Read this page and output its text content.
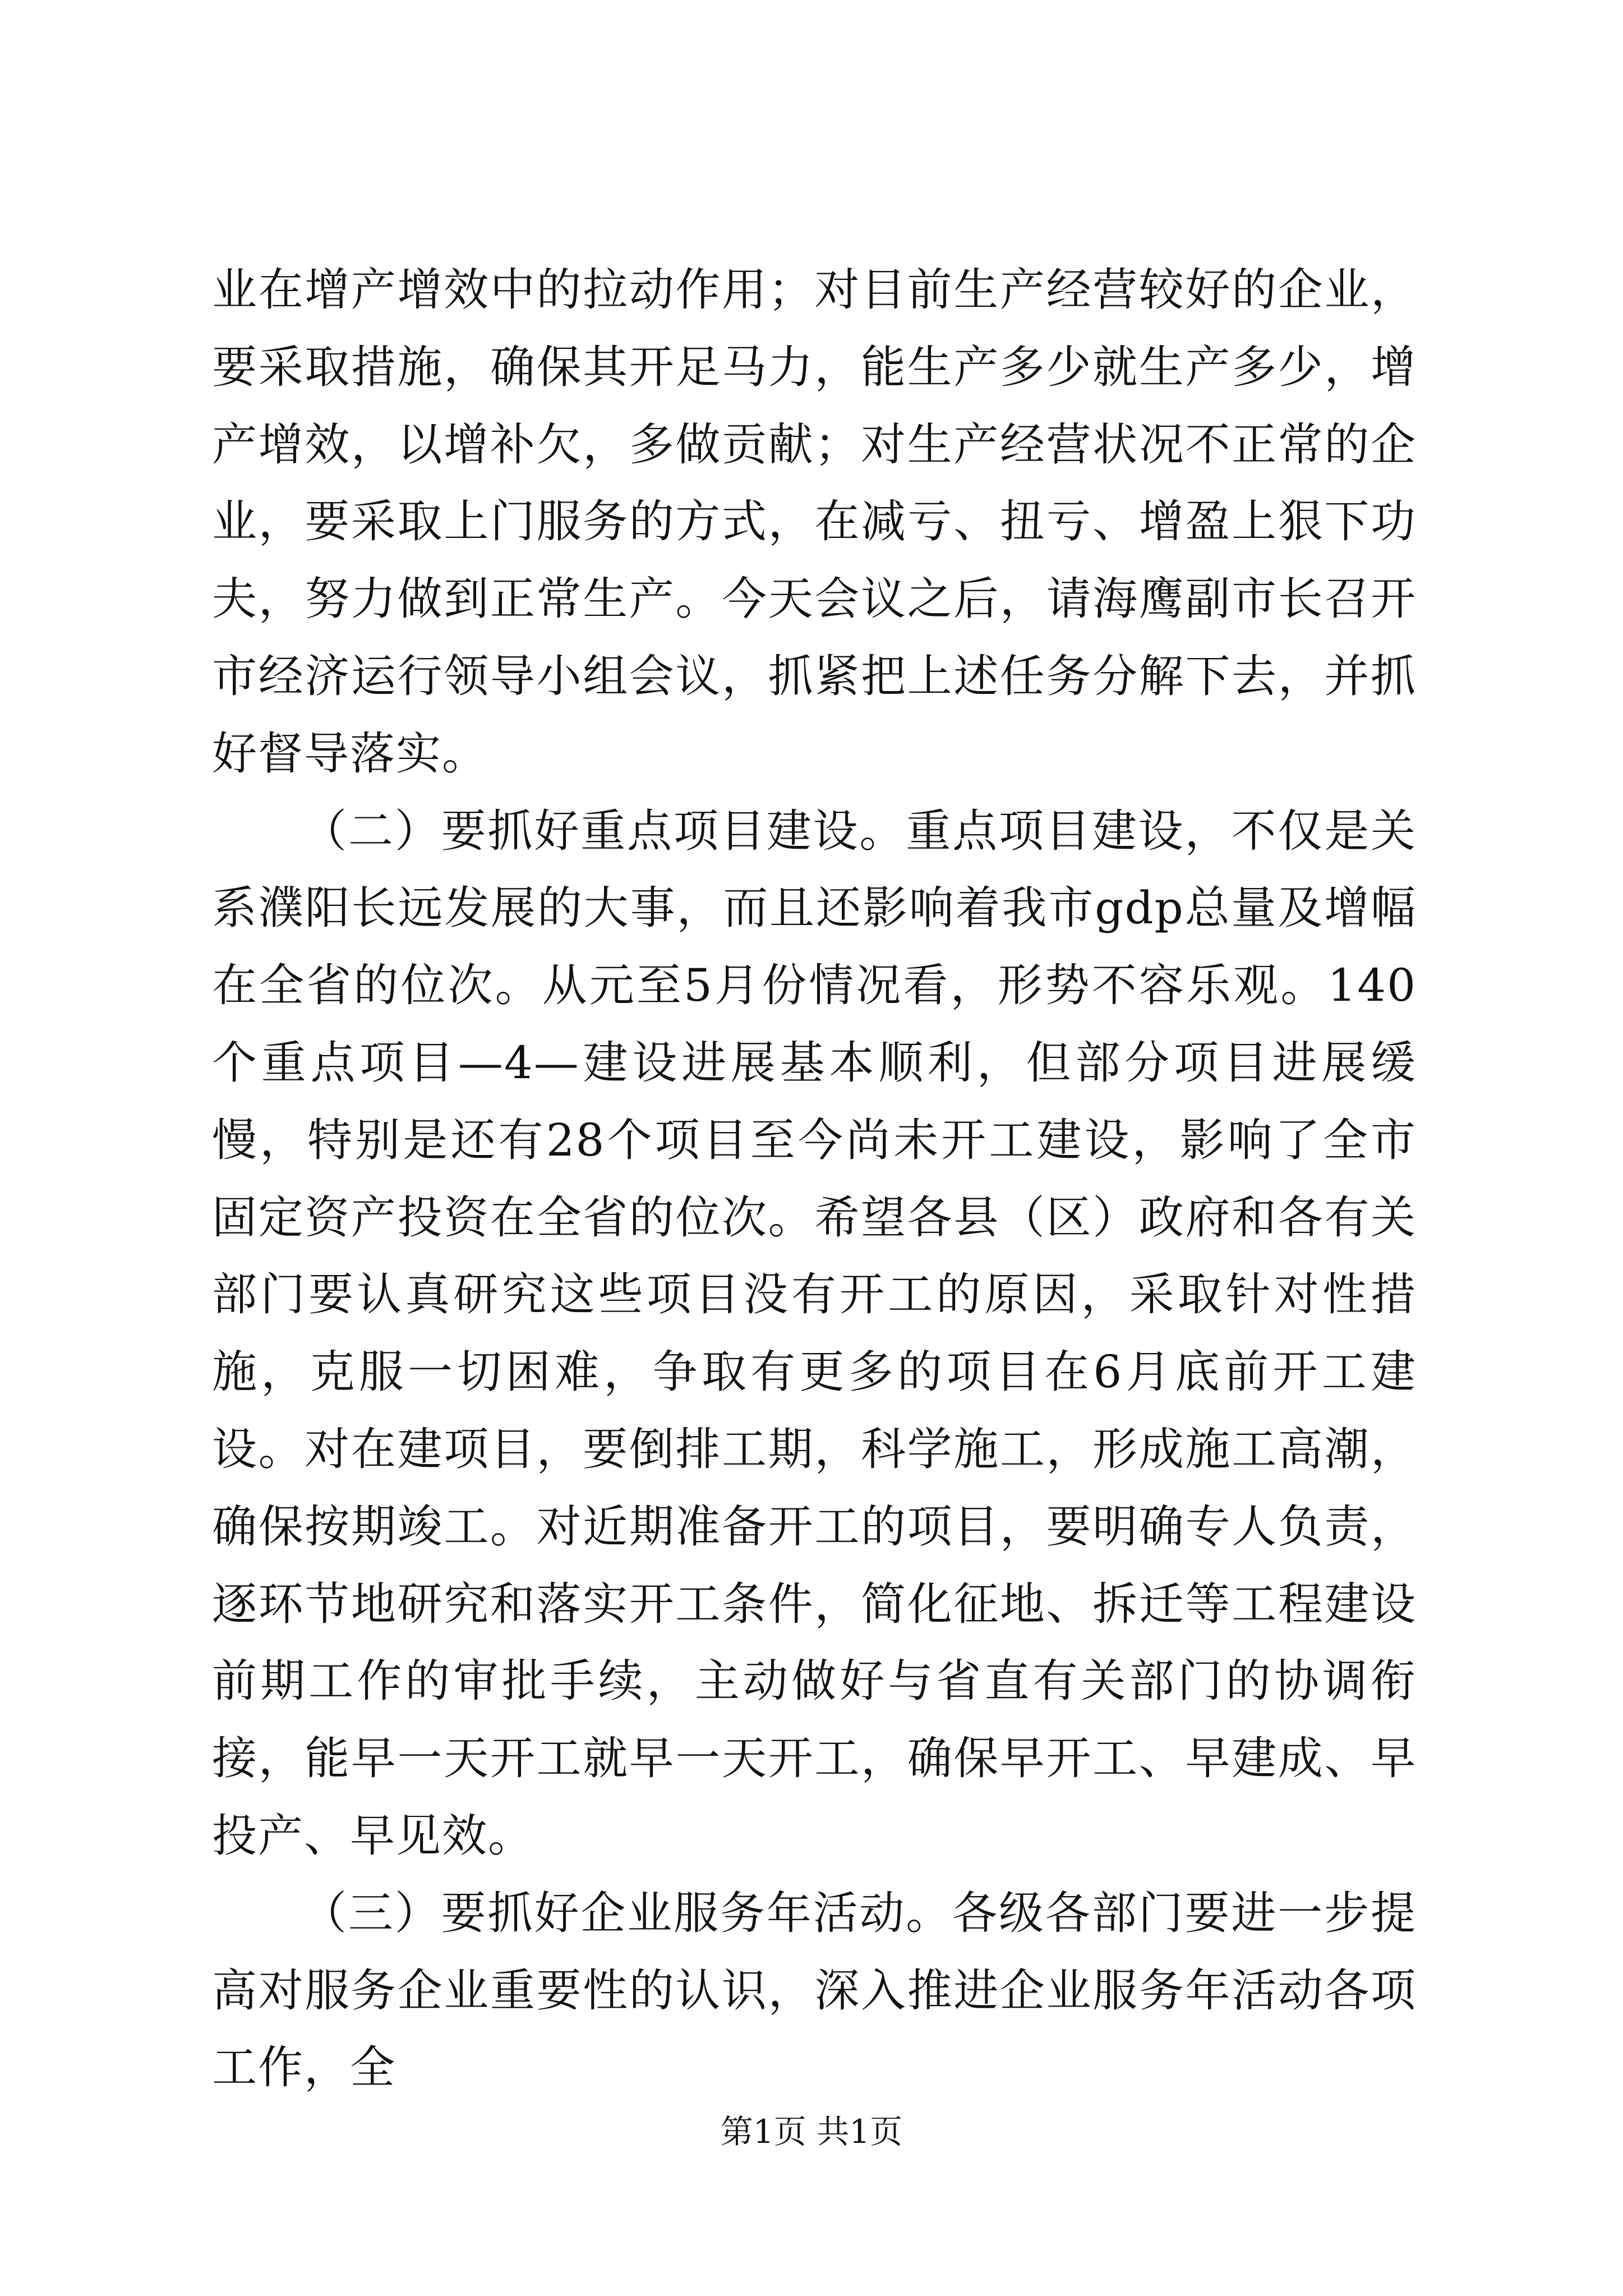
业在增产增效中的拉动作用；对目前生产经营较好的企业，要采取措施，确保其开足马力，能生产多少就生产多少，增产增效，以增补欠，多做贡献；对生产经营状况不正常的企业，要采取上门服务的方式，在减亏、扭亏、增盈上狠下功夫，努力做到正常生产。今天会议之后，请海鹰副市长召开市经济运行领导小组会议，抓紧把上述任务分解下去，并抓好督导落实。

（二）要抓好重点项目建设。重点项目建设，不仅是关系濮阳长远发展的大事，而且还影响着我市gdp总量及增幅在全省的位次。从元至5月份情况看，形势不容乐观。140个重点项目—4—建设进展基本顺利，但部分项目进展缓慢，特别是还有28个项目至今尚未开工建设，影响了全市固定资产投资在全省的位次。希望各县（区）政府和各有关部门要认真研究这些项目没有开工的原因，采取针对性措施，克服一切困难，争取有更多的项目在6月底前开工建设。对在建项目，要倒排工期，科学施工，形成施工高潮，确保按期竣工。对近期准备开工的项目，要明确专人负责，逐环节地研究和落实开工条件，简化征地、拆迁等工程建设前期工作的审批手续，主动做好与省直有关部门的协调衔接，能早一天开工就早一天开工，确保早开工、早建成、早投产、早见效。

（三）要抓好企业服务年活动。各级各部门要进一步提高对服务企业重要性的认识，深入推进企业服务年活动各项工作，全

第1页 共1页
